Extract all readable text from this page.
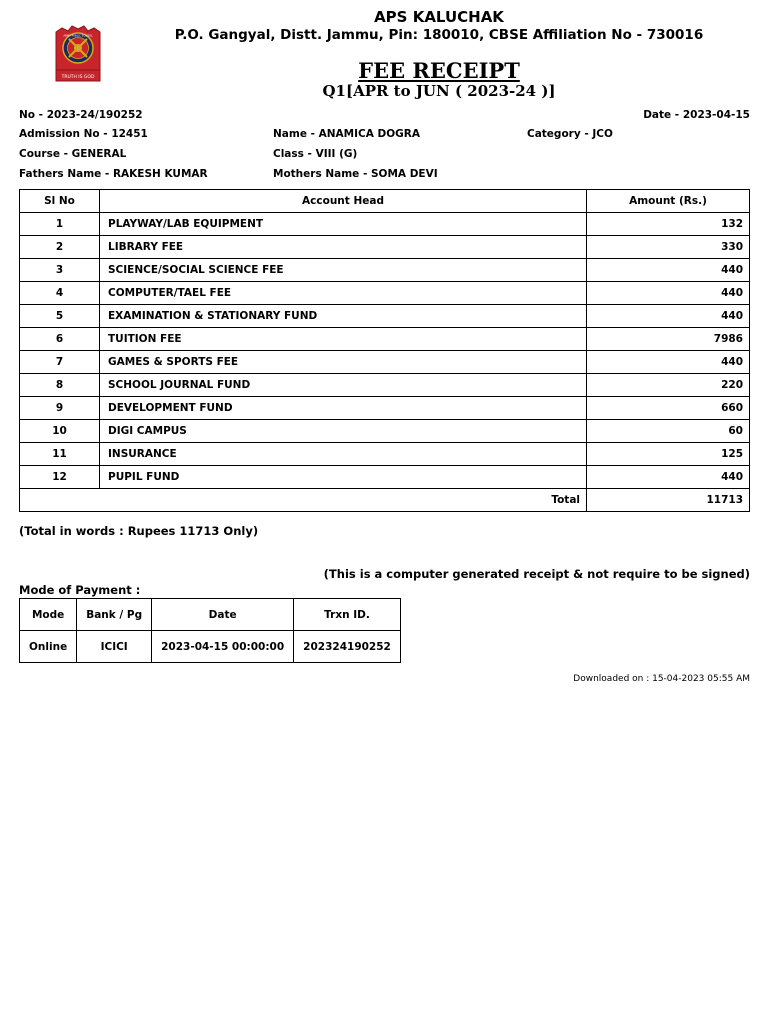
ARMY PUBLIC SCHOOL
TRUTH IS GOD
APS KALUCHAK
P.O. Gangyal, Distt. Jammu, Pin: 180010, CBSE Affiliation No - 730016
FEE RECEIPT
Q1[APR to JUN ( 2023-24 )]
No - 2023-24/190252	Date - 2023-04-15
Admission No - 12451	Name - ANAMICA DOGRA	Category - JCO
Course - GENERAL	Class - VIII (G)
Fathers Name - RAKESH KUMAR	Mothers Name - SOMA DEVI
Sl No	Account Head	Amount (Rs.)
1	PLAYWAY/LAB EQUIPMENT	132
2	LIBRARY FEE	330
3	SCIENCE/SOCIAL SCIENCE FEE	440
4	COMPUTER/TAEL FEE	440
5	EXAMINATION & STATIONARY FUND	440
6	TUITION FEE	7986
7	GAMES & SPORTS FEE	440
8	SCHOOL JOURNAL FUND	220
9	DEVELOPMENT FUND	660
10	DIGI CAMPUS	60
11	INSURANCE	125
12	PUPIL FUND	440
	Total	11713
(Total in words : Rupees 11713 Only)
(This is a computer generated receipt & not require to be signed)
Mode of Payment :
Mode	Bank / Pg	Date	Trxn ID.
Online	ICICI	2023-04-15 00:00:00	202324190252
Downloaded on : 15-04-2023 05:55 AM
